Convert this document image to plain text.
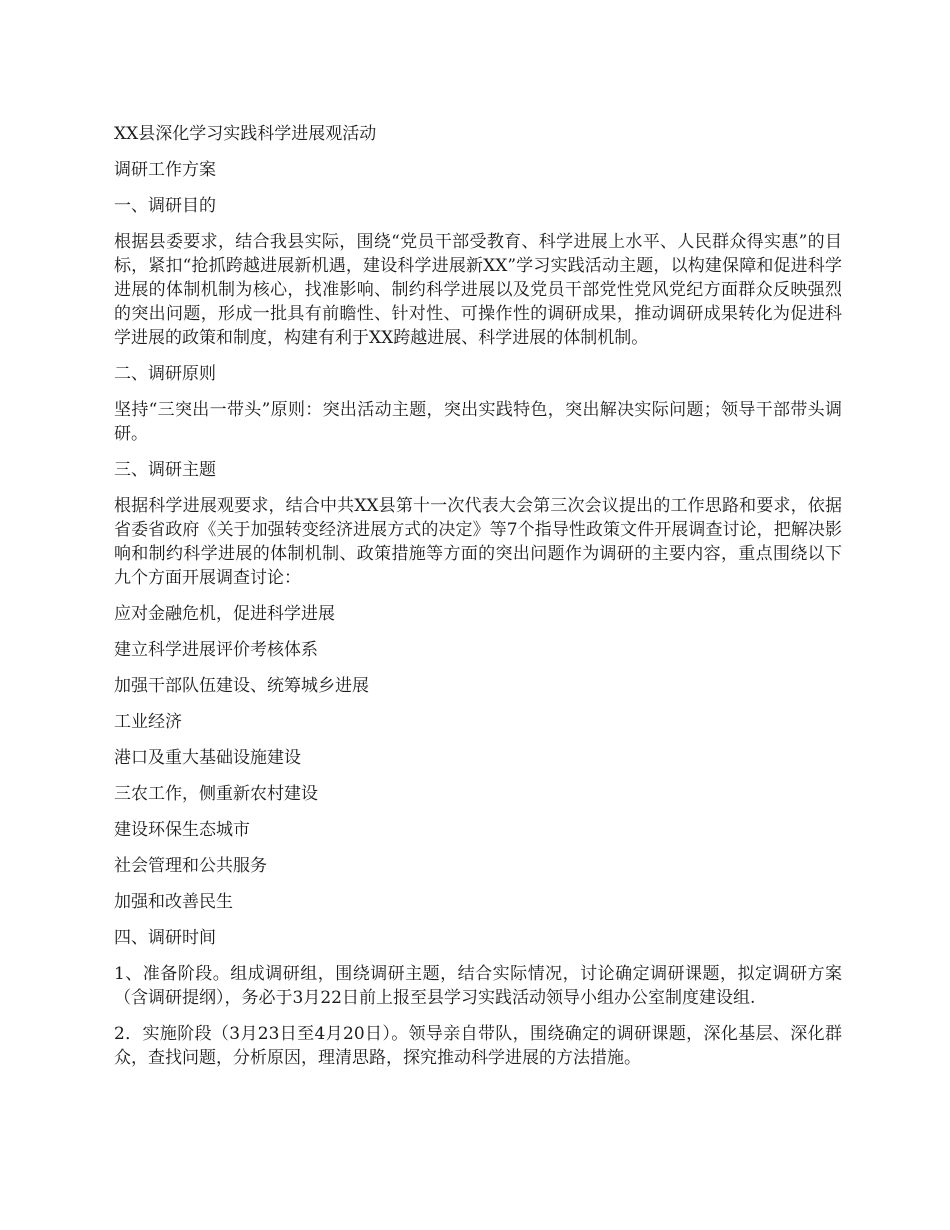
XX县深化学习实践科学进展观活动

调研工作方案

一、调研目的

根据县委要求，结合我县实际，围绕“党员干部受教育、科学进展上水平、人民群众得实惠”的目标，紧扣“抢抓跨越进展新机遇，建设科学进展新XX”学习实践活动主题，以构建保障和促进科学进展的体制机制为核心，找准影响、制约科学进展以及党员干部党性党风党纪方面群众反映强烈的突出问题，形成一批具有前瞻性、针对性、可操作性的调研成果，推动调研成果转化为促进科学进展的政策和制度，构建有利于XX跨越进展、科学进展的体制机制。

二、调研原则

坚持“三突出一带头”原则：突出活动主题，突出实践特色，突出解决实际问题；领导干部带头调研。

三、调研主题

根据科学进展观要求，结合中共XX县第十一次代表大会第三次会议提出的工作思路和要求，依据省委省政府《关于加强转变经济进展方式的决定》等7个指导性政策文件开展调查讨论，把解决影响和制约科学进展的体制机制、政策措施等方面的突出问题作为调研的主要内容，重点围绕以下九个方面开展调查讨论：

应对金融危机，促进科学进展

建立科学进展评价考核体系

加强干部队伍建设、统筹城乡进展

工业经济

港口及重大基础设施建设

三农工作，侧重新农村建设

建设环保生态城市

社会管理和公共服务

加强和改善民生

四、调研时间

1、准备阶段。组成调研组，围绕调研主题，结合实际情况，讨论确定调研课题，拟定调研方案（含调研提纲），务必于3月22日前上报至县学习实践活动领导小组办公室制度建设组.

2．实施阶段（3月23日至4月20日）。领导亲自带队，围绕确定的调研课题，深化基层、深化群众，查找问题，分析原因，理清思路，探究推动科学进展的方法措施。
